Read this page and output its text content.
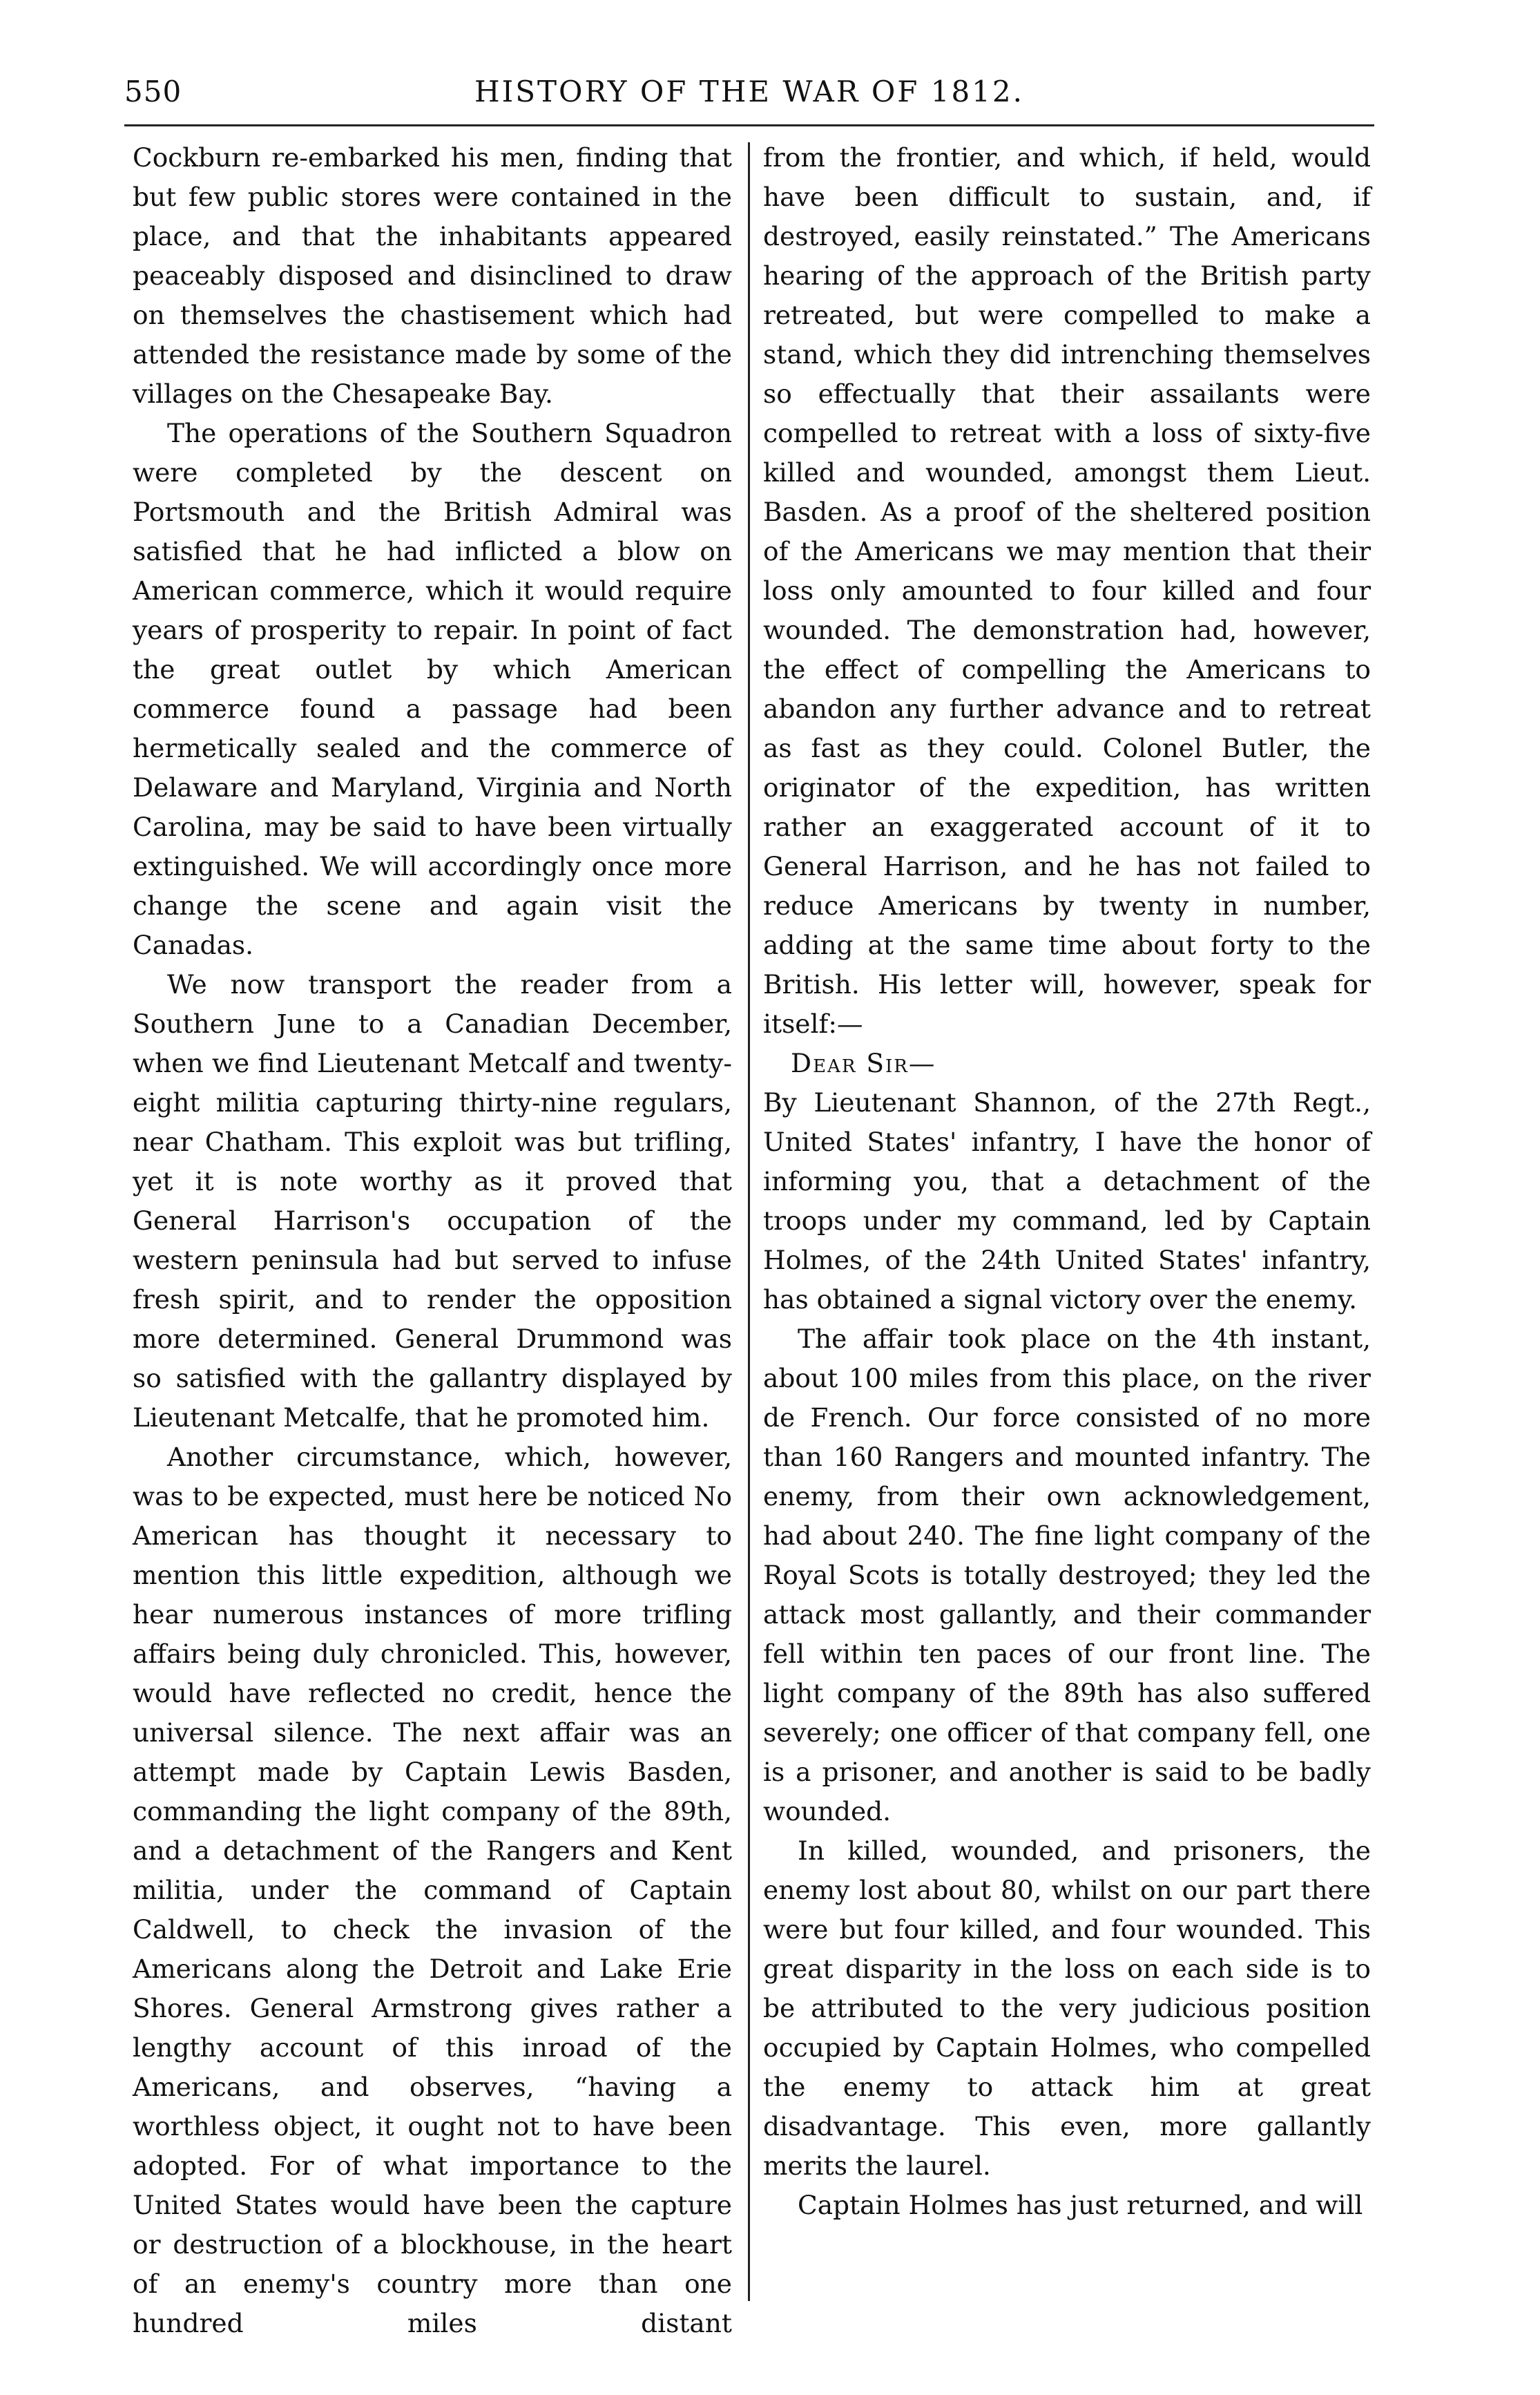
550	HISTORY OF THE WAR OF 1812.

Cockburn re-embarked his men, finding that but few public stores were contained in the place, and that the inhabitants appeared peaceably disposed and disinclined to draw on themselves the chastisement which had attended the resistance made by some of the villages on the Chesapeake Bay.

The operations of the Southern Squadron were completed by the descent on Portsmouth and the British Admiral was satisfied that he had inflicted a blow on American commerce, which it would require years of prosperity to repair. In point of fact the great outlet by which American commerce found a passage had been hermetically sealed and the commerce of Delaware and Maryland, Virginia and North Carolina, may be said to have been virtually extinguished. We will accordingly once more change the scene and again visit the Canadas.

We now transport the reader from a Southern June to a Canadian December, when we find Lieutenant Metcalf and twenty-eight militia capturing thirty-nine regulars, near Chatham. This exploit was but trifling, yet it is note worthy as it proved that General Harrison's occupation of the western peninsula had but served to infuse fresh spirit, and to render the opposition more determined. General Drummond was so satisfied with the gallantry displayed by Lieutenant Metcalfe, that he promoted him.

Another circumstance, which, however, was to be expected, must here be noticed No American has thought it necessary to mention this little expedition, although we hear numerous instances of more trifling affairs being duly chronicled. This, however, would have reflected no credit, hence the universal silence. The next affair was an attempt made by Captain Lewis Basden, commanding the light company of the 89th, and a detachment of the Rangers and Kent militia, under the command of Captain Caldwell, to check the invasion of the Americans along the Detroit and Lake Erie Shores. General Armstrong gives rather a lengthy account of this inroad of the Americans, and observes, “having a worthless object, it ought not to have been adopted. For of what importance to the United States would have been the capture or destruction of a blockhouse, in the heart of an enemy's country more than one hundred miles distant

from the frontier, and which, if held, would have been difficult to sustain, and, if destroyed, easily reinstated.” The Americans hearing of the approach of the British party retreated, but were compelled to make a stand, which they did intrenching themselves so effectually that their assailants were compelled to retreat with a loss of sixty-five killed and wounded, amongst them Lieut. Basden. As a proof of the sheltered position of the Americans we may mention that their loss only amounted to four killed and four wounded. The demonstration had, however, the effect of compelling the Americans to abandon any further advance and to retreat as fast as they could. Colonel Butler, the originator of the expedition, has written rather an exaggerated account of it to General Harrison, and he has not failed to reduce Americans by twenty in number, adding at the same time about forty to the British. His letter will, however, speak for itself:—

Dear Sir—

By Lieutenant Shannon, of the 27th Regt., United States' infantry, I have the honor of informing you, that a detachment of the troops under my command, led by Captain Holmes, of the 24th United States' infantry, has obtained a signal victory over the enemy.

The affair took place on the 4th instant, about 100 miles from this place, on the river de French. Our force consisted of no more than 160 Rangers and mounted infantry. The enemy, from their own acknowledgement, had about 240. The fine light company of the Royal Scots is totally destroyed; they led the attack most gallantly, and their commander fell within ten paces of our front line. The light company of the 89th has also suffered severely; one officer of that company fell, one is a prisoner, and another is said to be badly wounded.

In killed, wounded, and prisoners, the enemy lost about 80, whilst on our part there were but four killed, and four wounded. This great disparity in the loss on each side is to be attributed to the very judicious position occupied by Captain Holmes, who compelled the enemy to attack him at great disadvantage. This even, more gallantly merits the laurel.

Captain Holmes has just returned, and will
